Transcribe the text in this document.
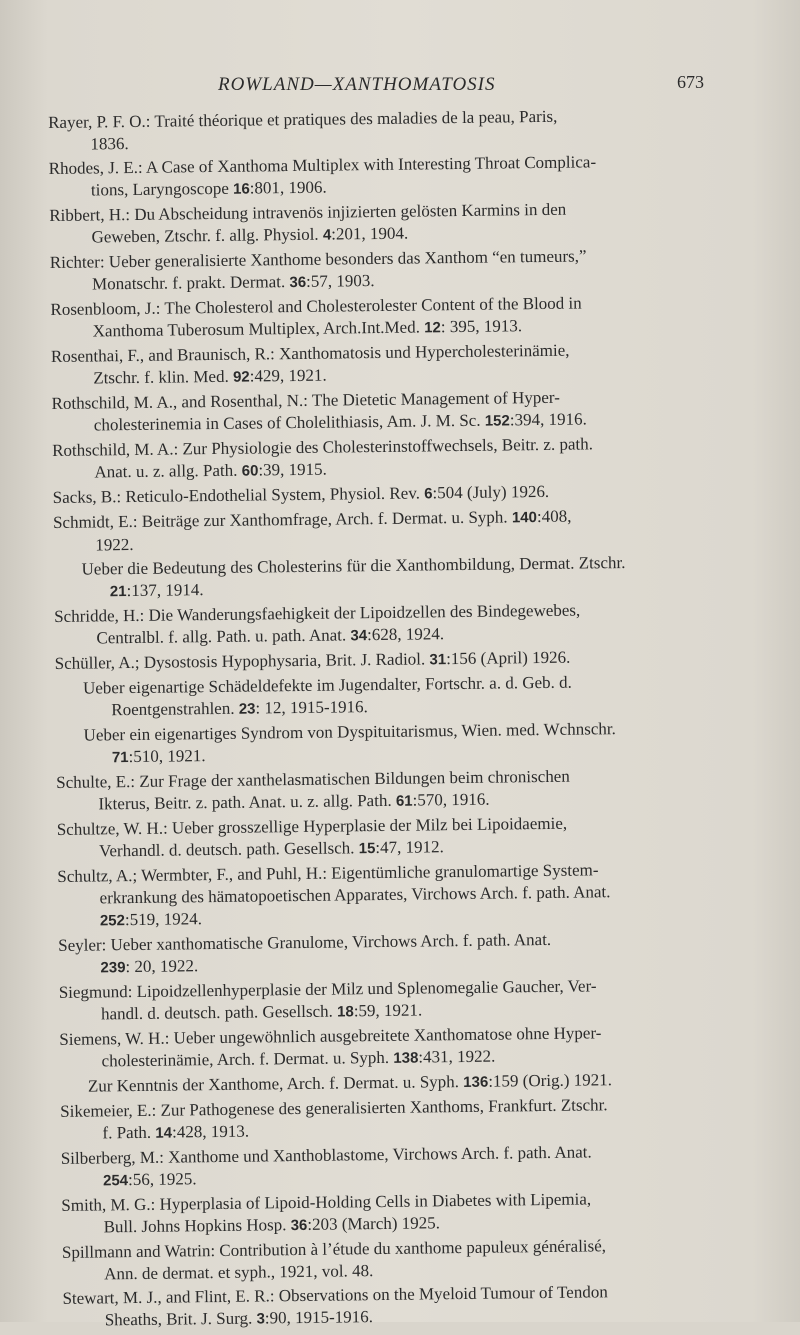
ROWLAND—XANTHOMATOSIS	673
Rayer, P. F. O.: Traité théorique et pratiques des maladies de la peau, Paris,
1836.
Rhodes, J. E.: A Case of Xanthoma Multiplex with Interesting Throat Complica-
tions, Laryngoscope 16:801, 1906.
Ribbert, H.: Du Abscheidung intravenös injizierten gelösten Karmins in den
Geweben, Ztschr. f. allg. Physiol. 4:201, 1904.
Richter: Ueber generalisierte Xanthome besonders das Xanthom “en tumeurs,”
Monatschr. f. prakt. Dermat. 36:57, 1903.
Rosenbloom, J.: The Cholesterol and Cholesterolester Content of the Blood in
Xanthoma Tuberosum Multiplex, Arch.Int.Med. 12: 395, 1913.
Rosenthai, F., and Braunisch, R.: Xanthomatosis und Hypercholesterinämie,
Ztschr. f. klin. Med. 92:429, 1921.
Rothschild, M. A., and Rosenthal, N.: The Dietetic Management of Hyper-
cholesterinemia in Cases of Cholelithiasis, Am. J. M. Sc. 152:394, 1916.
Rothschild, M. A.: Zur Physiologie des Cholesterinstoffwechsels, Beitr. z. path.
Anat. u. z. allg. Path. 60:39, 1915.
Sacks, B.: Reticulo-Endothelial System, Physiol. Rev. 6:504 (July) 1926.
Schmidt, E.: Beiträge zur Xanthomfrage, Arch. f. Dermat. u. Syph. 140:408,
1922.
Ueber die Bedeutung des Cholesterins für die Xanthombildung, Dermat. Ztschr.
21:137, 1914.
Schridde, H.: Die Wanderungsfaehigkeit der Lipoidzellen des Bindegewebes,
Centralbl. f. allg. Path. u. path. Anat. 34:628, 1924.
Schüller, A.; Dysostosis Hypophysaria, Brit. J. Radiol. 31:156 (April) 1926.
Ueber eigenartige Schädeldefekte im Jugendalter, Fortschr. a. d. Geb. d.
Roentgenstrahlen. 23: 12, 1915-1916.
Ueber ein eigenartiges Syndrom von Dyspituitarismus, Wien. med. Wchnschr.
71:510, 1921.
Schulte, E.: Zur Frage der xanthelasmatischen Bildungen beim chronischen
Ikterus, Beitr. z. path. Anat. u. z. allg. Path. 61:570, 1916.
Schultze, W. H.: Ueber grosszellige Hyperplasie der Milz bei Lipoidaemie,
Verhandl. d. deutsch. path. Gesellsch. 15:47, 1912.
Schultz, A.; Wermbter, F., and Puhl, H.: Eigentümliche granulomartige System-
erkrankung des hämatopoetischen Apparates, Virchows Arch. f. path. Anat.
252:519, 1924.
Seyler: Ueber xanthomatische Granulome, Virchows Arch. f. path. Anat.
239: 20, 1922.
Siegmund: Lipoidzellenhyperplasie der Milz und Splenomegalie Gaucher, Ver-
handl. d. deutsch. path. Gesellsch. 18:59, 1921.
Siemens, W. H.: Ueber ungewöhnlich ausgebreitete Xanthomatose ohne Hyper-
cholesterinämie, Arch. f. Dermat. u. Syph. 138:431, 1922.
Zur Kenntnis der Xanthome, Arch. f. Dermat. u. Syph. 136:159 (Orig.) 1921.
Sikemeier, E.: Zur Pathogenese des generalisierten Xanthoms, Frankfurt. Ztschr.
f. Path. 14:428, 1913.
Silberberg, M.: Xanthome und Xanthoblastome, Virchows Arch. f. path. Anat.
254:56, 1925.
Smith, M. G.: Hyperplasia of Lipoid-Holding Cells in Diabetes with Lipemia,
Bull. Johns Hopkins Hosp. 36:203 (March) 1925.
Spillmann and Watrin: Contribution à l’étude du xanthome papuleux généralisé,
Ann. de dermat. et syph., 1921, vol. 48.
Stewart, M. J., and Flint, E. R.: Observations on the Myeloid Tumour of Tendon
Sheaths, Brit. J. Surg. 3:90, 1915-1916.
